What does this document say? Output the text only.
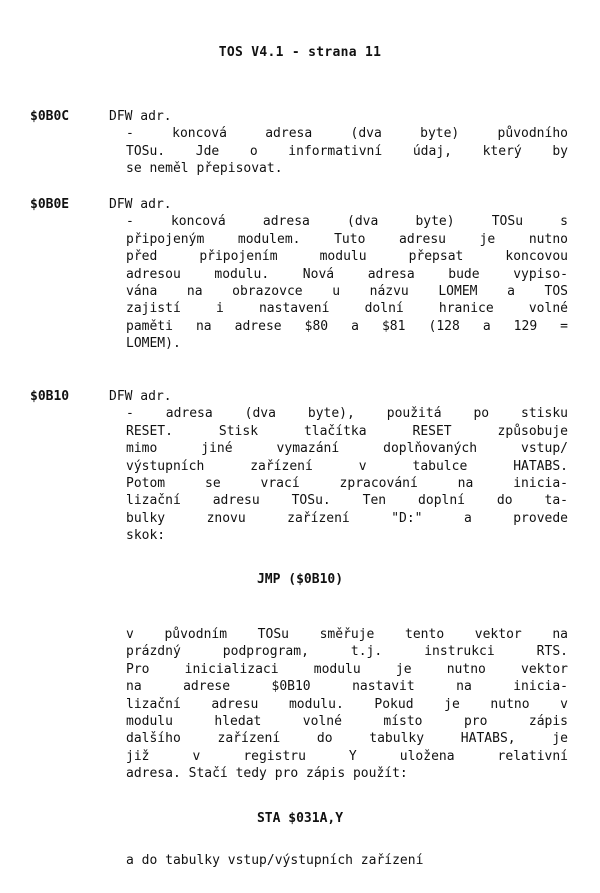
TOS V4.1 - strana 11
$0B0C	DFW adr.
- koncová adresa (dva byte) původního
TOSu. Jde o informativní údaj, který by
se neměl přepisovat.
$0B0E	DFW adr.
- koncová adresa (dva byte) TOSu s
připojeným modulem. Tuto adresu je nutno
před připojením modulu přepsat koncovou
adresou modulu. Nová adresa bude vypiso-
vána na obrazovce u názvu LOMEM a TOS
zajistí i nastavení dolní hranice volné
paměti na adrese $80 a $81 (128 a 129 =
LOMEM).
$0B10	DFW adr.
- adresa (dva byte), použitá po stisku
RESET. Stisk tlačítka RESET způsobuje
mimo jiné vymazání doplňovaných vstup/
výstupních zařízení v tabulce HATABS.
Potom se vrací zpracování na inicia-
lizační adresu TOSu. Ten doplní do ta-
bulky znovu zařízení "D:" a provede
skok:
JMP ($0B10)
v původním TOSu směřuje tento vektor na
prázdný podprogram, t.j. instrukci RTS.
Pro inicializaci modulu je nutno vektor
na adrese $0B10 nastavit na inicia-
lizační adresu modulu. Pokud je nutno v
modulu hledat volné místo pro zápis
dalšího zařízení do tabulky HATABS, je
již v registru Y uložena relativní
adresa. Stačí tedy pro zápis použít:
STA $031A,Y
a do tabulky vstup/výstupních zařízení
